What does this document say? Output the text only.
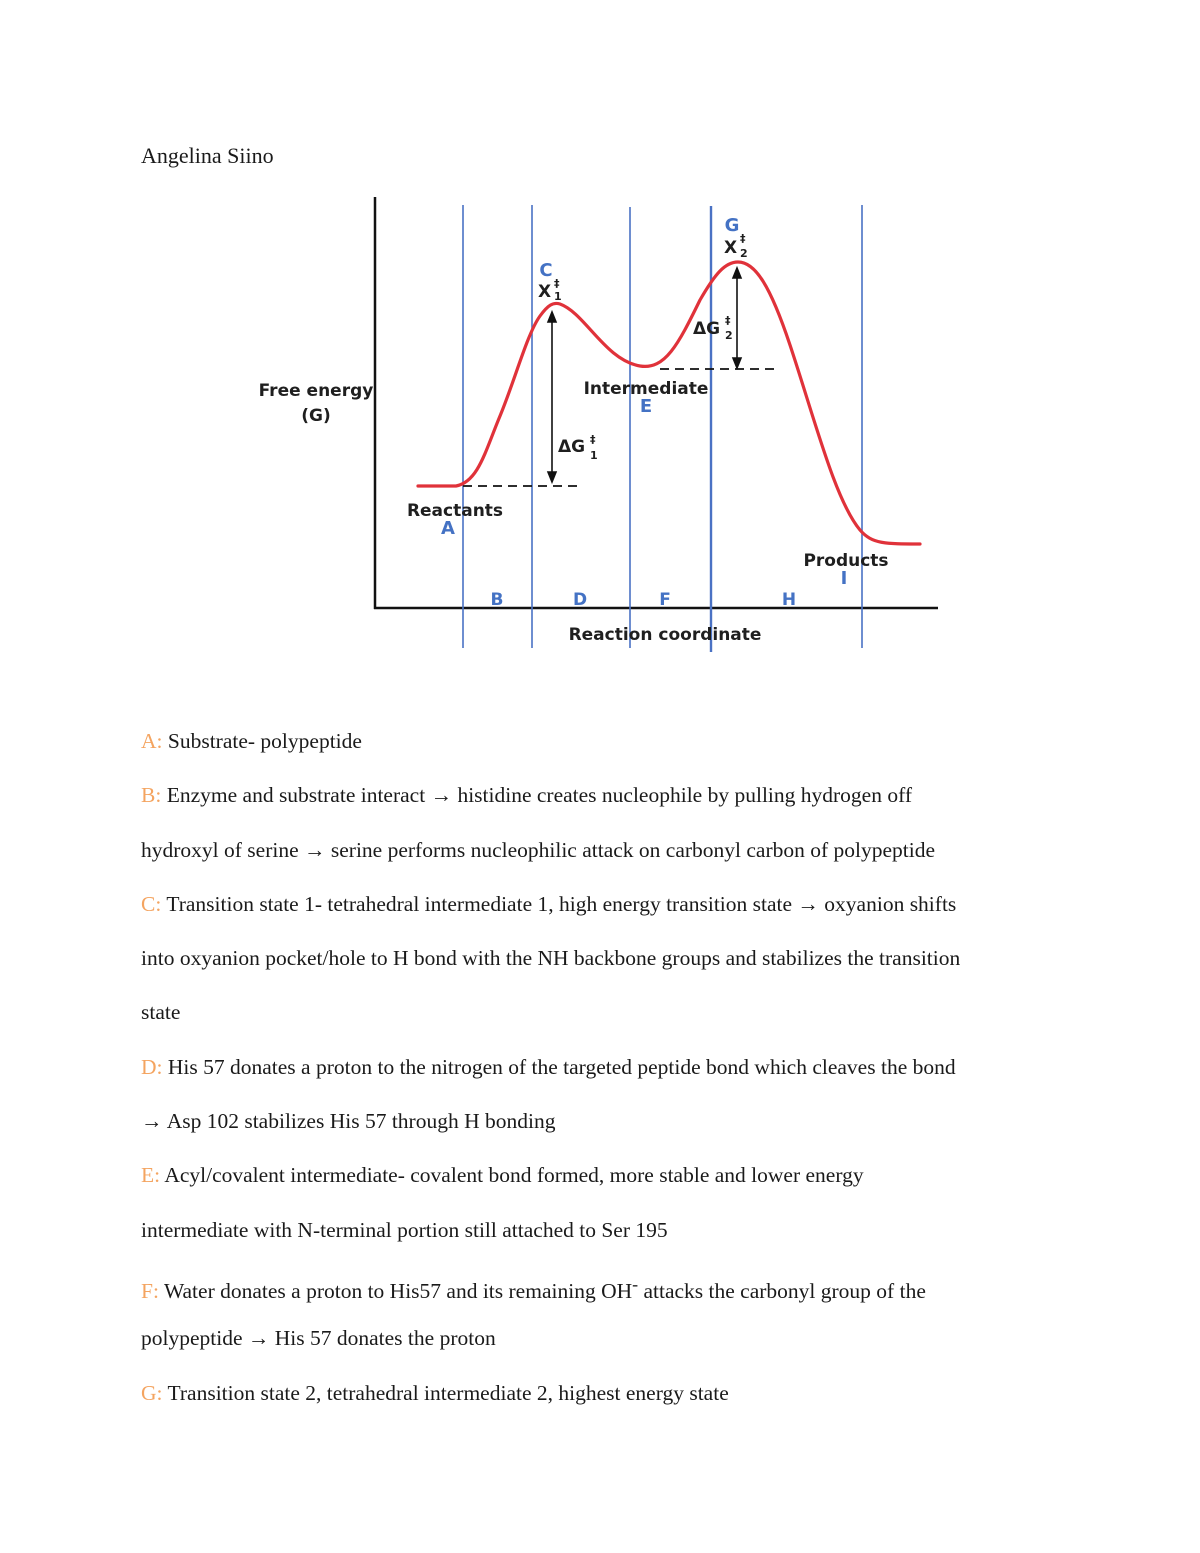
Angelina Siino
Free energy
(G)
Reactants
Intermediate
Products
Reaction coordinate
X ‡
1
X ‡
2
ΔG ‡
1
ΔG ‡
2
A
C
E
G
I
B	D	F	H
A: Substrate- polypeptide
B: Enzyme and substrate interact → histidine creates nucleophile by pulling hydrogen off
hydroxyl of serine → serine performs nucleophilic attack on carbonyl carbon of polypeptide
C: Transition state 1- tetrahedral intermediate 1, high energy transition state → oxyanion shifts
into oxyanion pocket/hole to H bond with the NH backbone groups and stabilizes the transition
state
D: His 57 donates a proton to the nitrogen of the targeted peptide bond which cleaves the bond
→ Asp 102 stabilizes His 57 through H bonding
E: Acyl/covalent intermediate- covalent bond formed, more stable and lower energy
intermediate with N-terminal portion still attached to Ser 195
F: Water donates a proton to His57 and its remaining OH- attacks the carbonyl group of the
polypeptide → His 57 donates the proton
G: Transition state 2, tetrahedral intermediate 2, highest energy state
